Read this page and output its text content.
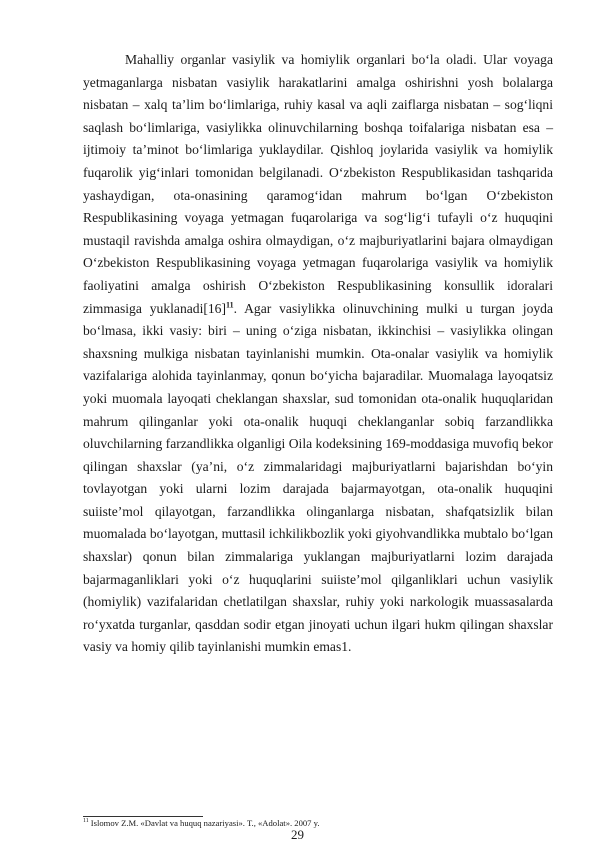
Mahalliy organlar vasiylik va homiylik organlari bo‘la oladi. Ular voyaga yetmaganlarga nisbatan vasiylik harakatlarini amalga oshirishni yosh bolalarga nisbatan – xalq ta’lim bo‘limlariga, ruhiy kasal va aqli zaiflarga nisbatan – sog‘liqni saqlash bo‘limlariga, vasiylikka olinuvchilarning boshqa toifalariga nisbatan esa – ijtimoiy ta’minot bo‘limlariga yuklaydilar. Qishloq joylarida vasiylik va homiylik fuqarolik yig‘inlari tomonidan belgilanadi. O‘zbekiston Respublikasidan tashqarida yashaydigan, ota-onasining qaramog‘idan mahrum bo‘lgan O‘zbekiston Respublikasining voyaga yetmagan fuqarolariga va sog‘lig‘i tufayli o‘z huquqini mustaqil ravishda amalga oshira olmaydigan, o‘z majburiyatlarini bajara olmaydigan O‘zbekiston Respublikasining voyaga yetmagan fuqarolariga vasiylik va homiylik faoliyatini amalga oshirish O‘zbekiston Respublikasining konsullik idoralari zimmasiga $yuklanadi[16]^{11}$. Agar vasiylikka olinuvchining mulki u turgan joyda bo‘lmasa, ikki vasiy: biri – uning o‘ziga nisbatan, ikkinchisi – vasiylikka olingan shaxsning mulkiga nisbatan tayinlanishi mumkin. Ota-onalar vasiylik va homiylik vazifalariga alohida tayinlanmay, qonun bo‘yicha bajaradilar. Muomalaga layoqatsiz yoki muomala layoqati cheklangan shaxslar, sud tomonidan ota-onalik huquqlaridan mahrum qilinganlar yoki ota-onalik huquqi cheklanganlar sobiq farzandlikka oluvchilarning farzandlikka olganligi Oila kodeksining 169-moddasiga muvofiq bekor qilingan shaxslar (ya’ni, o‘z zimmalaridagi majburiyatlarni bajarishdan bo‘yin tovlayotgan yoki ularni lozim darajada bajarmayotgan, ota-onalik huquqini suiiste’mol qilayotgan, farzandlikka olinganlarga nisbatan, shafqatsizlik bilan muomalada bo‘layotgan, muttasil ichkilikbozlik yoki giyohvandlikka mubtalo bo‘lgan shaxslar) qonun bilan zimmalariga yuklangan majburiyatlarni lozim darajada bajarmaganliklari yoki o‘z huquqlarini suiiste’mol qilganliklari uchun vasiylik (homiylik) vazifalaridan chetlatilgan shaxslar, ruhiy yoki narkologik muassasalarda ro‘yxatda turganlar, qasddan sodir etgan jinoyati uchun ilgari hukm qilingan shaxslar vasiy va homiy qilib tayinlanishi mumkin emas1.

$^{11}$ Islomov Z.M. «Davlat va huquq nazariyasi». T., «Adolat». 2007 y.
29
